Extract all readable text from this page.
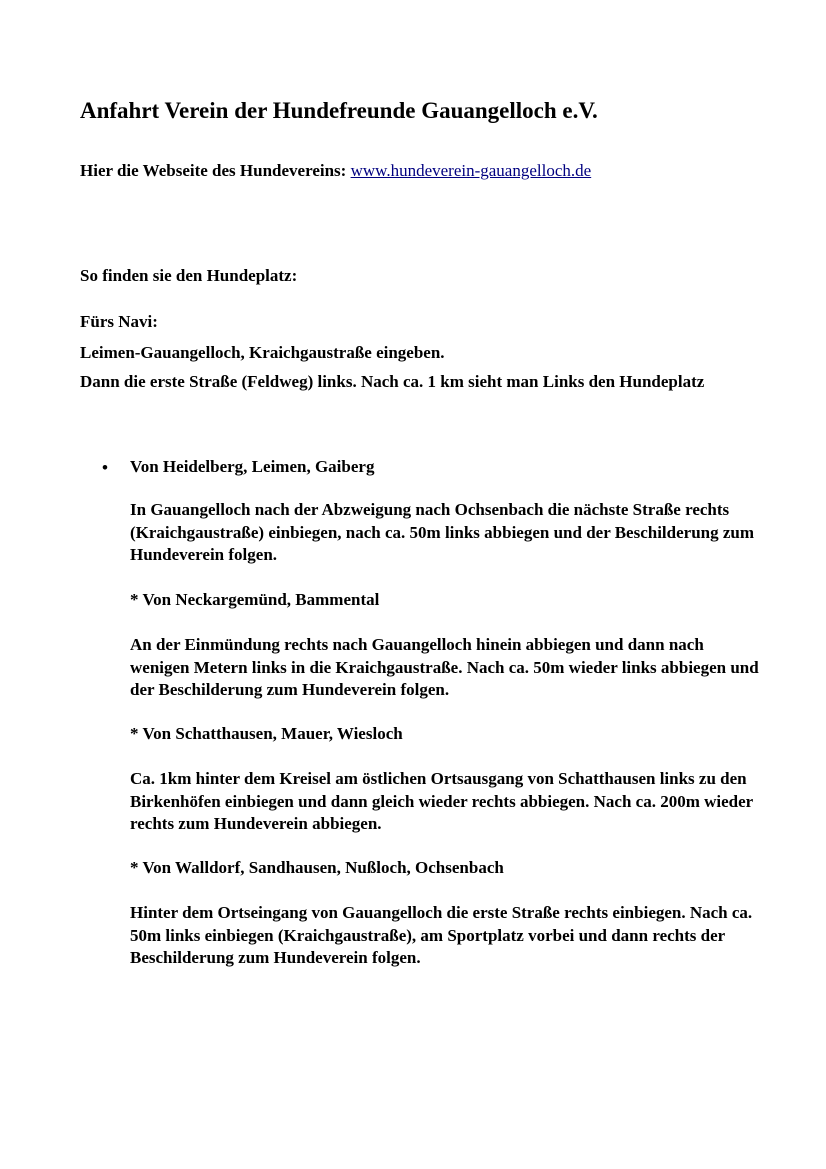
Anfahrt Verein der Hundefreunde Gauangelloch e.V.
Hier die Webseite des Hundevereins: www.hundeverein-gauangelloch.de

So finden sie den Hundeplatz:

Fürs Navi:

Leimen-Gauangelloch, Kraichgaustraße eingeben.

Dann die erste Straße (Feldweg) links. Nach ca. 1 km sieht man Links den Hundeplatz

• Von Heidelberg, Leimen, Gaiberg

In Gauangelloch nach der Abzweigung nach Ochsenbach die nächste Straße rechts (Kraichgaustraße) einbiegen, nach ca. 50m links abbiegen und der Beschilderung zum Hundeverein folgen.

* Von Neckargemünd, Bammental

An der Einmündung rechts nach Gauangelloch hinein abbiegen und dann nach wenigen Metern links in die Kraichgaustraße. Nach ca. 50m wieder links abbiegen und der Beschilderung zum Hundeverein folgen.

* Von Schatthausen, Mauer, Wiesloch

Ca. 1km hinter dem Kreisel am östlichen Ortsausgang von Schatthausen links zu den Birkenhöfen einbiegen und dann gleich wieder rechts abbiegen. Nach ca. 200m wieder rechts zum Hundeverein abbiegen.

* Von Walldorf, Sandhausen, Nußloch, Ochsenbach

Hinter dem Ortseingang von Gauangelloch die erste Straße rechts einbiegen. Nach ca. 50m links einbiegen (Kraichgaustraße), am Sportplatz vorbei und dann rechts der Beschilderung zum Hundeverein folgen.
